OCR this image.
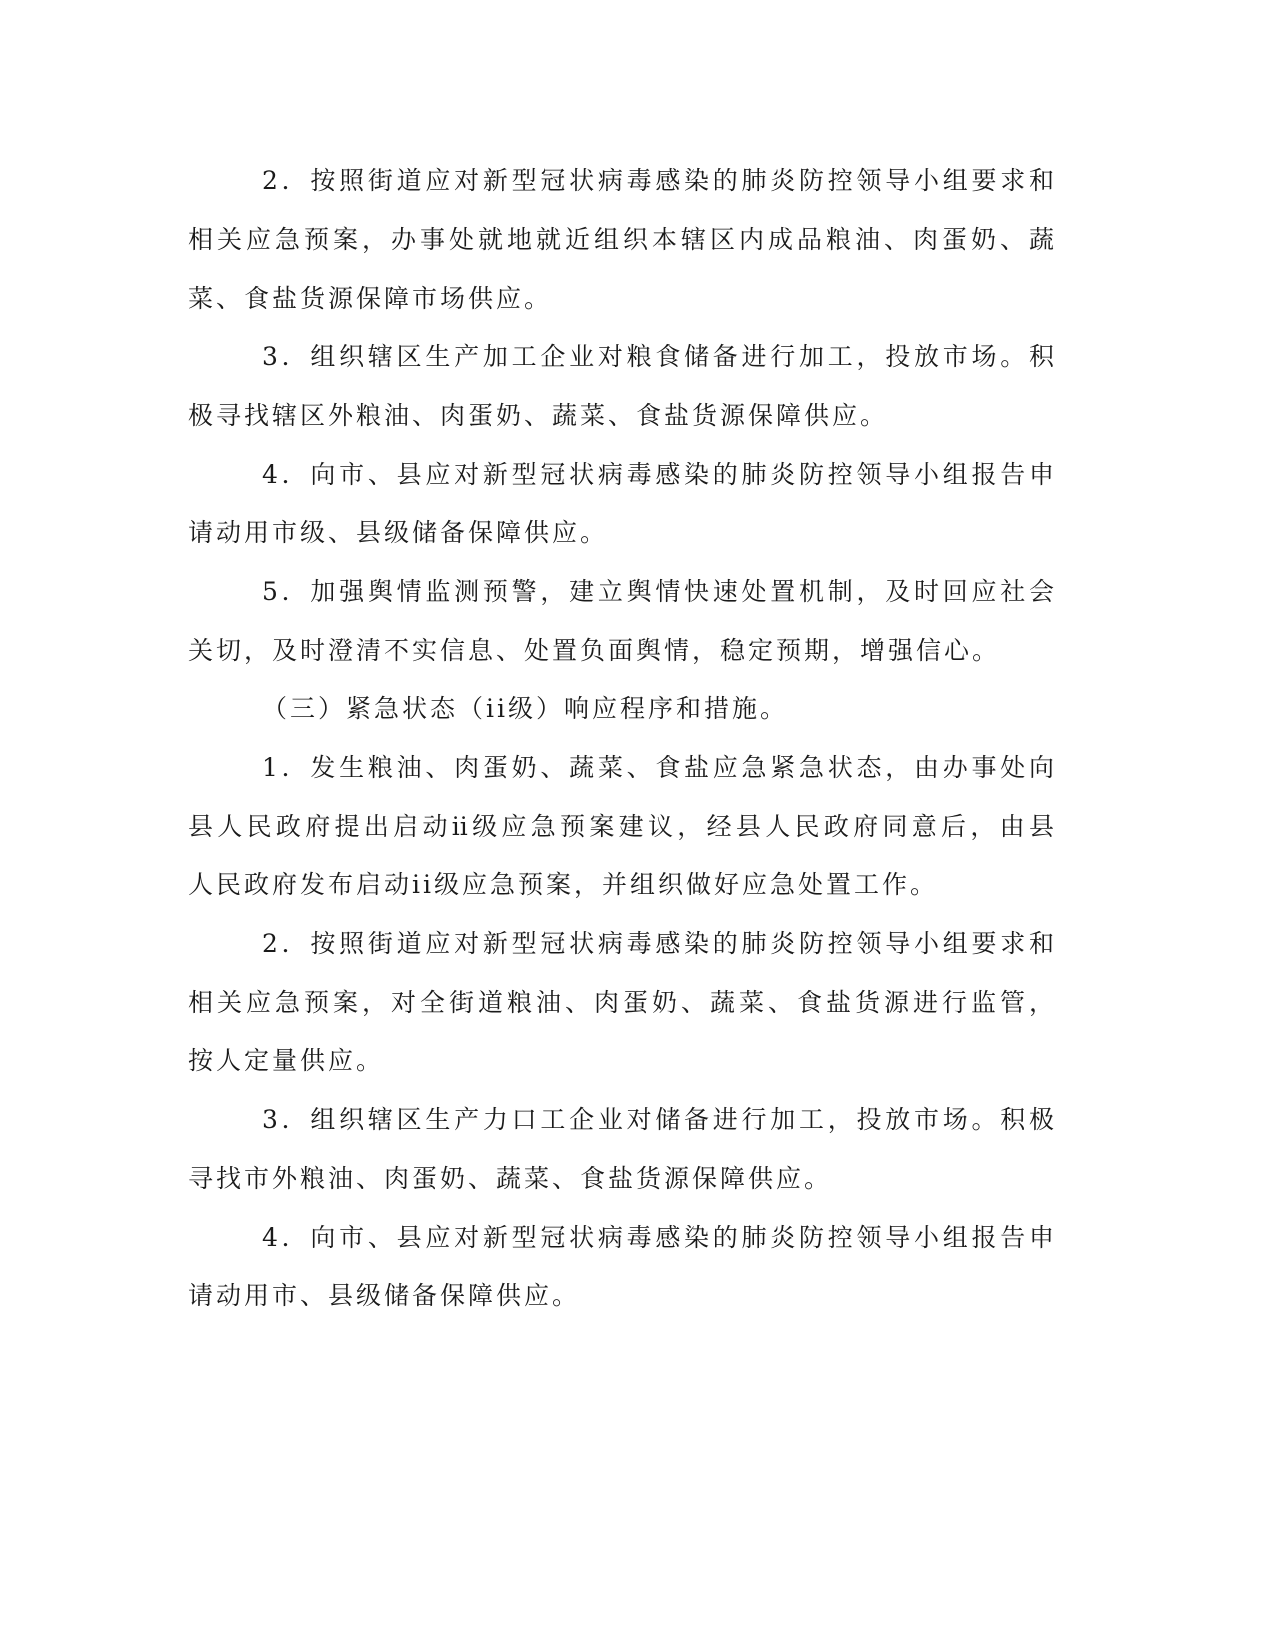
2．按照街道应对新型冠状病毒感染的肺炎防控领导小组要求和

相关应急预案，办事处就地就近组织本辖区内成品粮油、肉蛋奶、蔬

菜、食盐货源保障市场供应。

3．组织辖区生产加工企业对粮食储备进行加工，投放市场。积

极寻找辖区外粮油、肉蛋奶、蔬菜、食盐货源保障供应。

4．向市、县应对新型冠状病毒感染的肺炎防控领导小组报告申

请动用市级、县级储备保障供应。

5．加强舆情监测预警，建立舆情快速处置机制，及时回应社会

关切，及时澄清不实信息、处置负面舆情，稳定预期，增强信心。

（三）紧急状态（ii级）响应程序和措施。

1．发生粮油、肉蛋奶、蔬菜、食盐应急紧急状态，由办事处向

县人民政府提出启动ii级应急预案建议，经县人民政府同意后，由县

人民政府发布启动ii级应急预案，并组织做好应急处置工作。

2．按照街道应对新型冠状病毒感染的肺炎防控领导小组要求和

相关应急预案，对全街道粮油、肉蛋奶、蔬菜、食盐货源进行监管，

按人定量供应。

3．组织辖区生产力口工企业对储备进行加工，投放市场。积极

寻找市外粮油、肉蛋奶、蔬菜、食盐货源保障供应。

4．向市、县应对新型冠状病毒感染的肺炎防控领导小组报告申

请动用市、县级储备保障供应。
